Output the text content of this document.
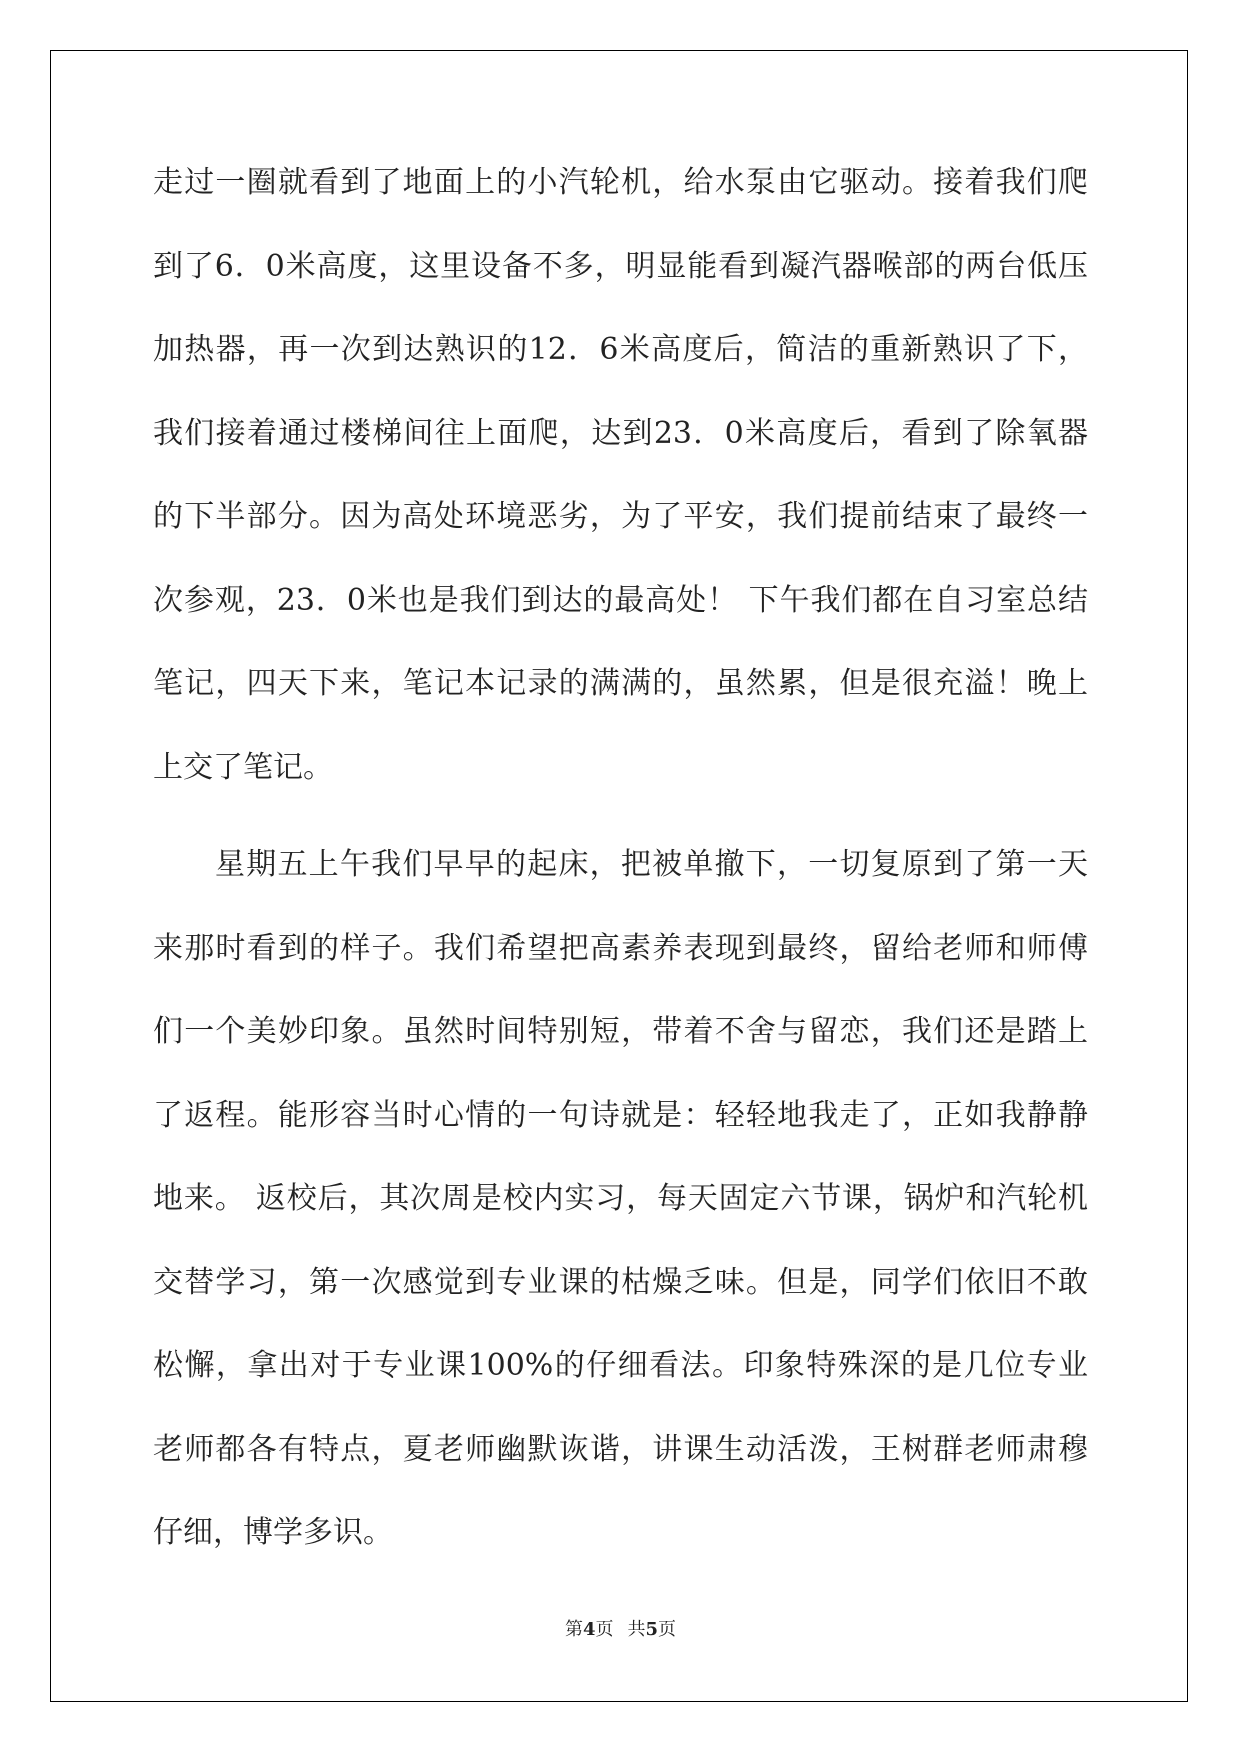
走过一圈就看到了地面上的小汽轮机，给水泵由它驱动。接着我们爬
到了6．0米高度，这里设备不多，明显能看到凝汽器喉部的两台低压
加热器，再一次到达熟识的12．6米高度后，简洁的重新熟识了下，
我们接着通过楼梯间往上面爬，达到23．0米高度后，看到了除氧器
的下半部分。因为高处环境恶劣，为了平安，我们提前结束了最终一
次参观，23．0米也是我们到达的最高处！ 下午我们都在自习室总结
笔记，四天下来，笔记本记录的满满的，虽然累，但是很充溢！晚上
上交了笔记。
星期五上午我们早早的起床，把被单撤下，一切复原到了第一天
来那时看到的样子。我们希望把高素养表现到最终，留给老师和师傅
们一个美妙印象。虽然时间特别短，带着不舍与留恋，我们还是踏上
了返程。能形容当时心情的一句诗就是：轻轻地我走了，正如我静静
地来。 返校后，其次周是校内实习，每天固定六节课，锅炉和汽轮机
交替学习，第一次感觉到专业课的枯燥乏味。但是，同学们依旧不敢
松懈，拿出对于专业课100%的仔细看法。印象特殊深的是几位专业
老师都各有特点，夏老师幽默诙谐，讲课生动活泼，王树群老师肃穆
仔细，博学多识。
第4页 共5页
